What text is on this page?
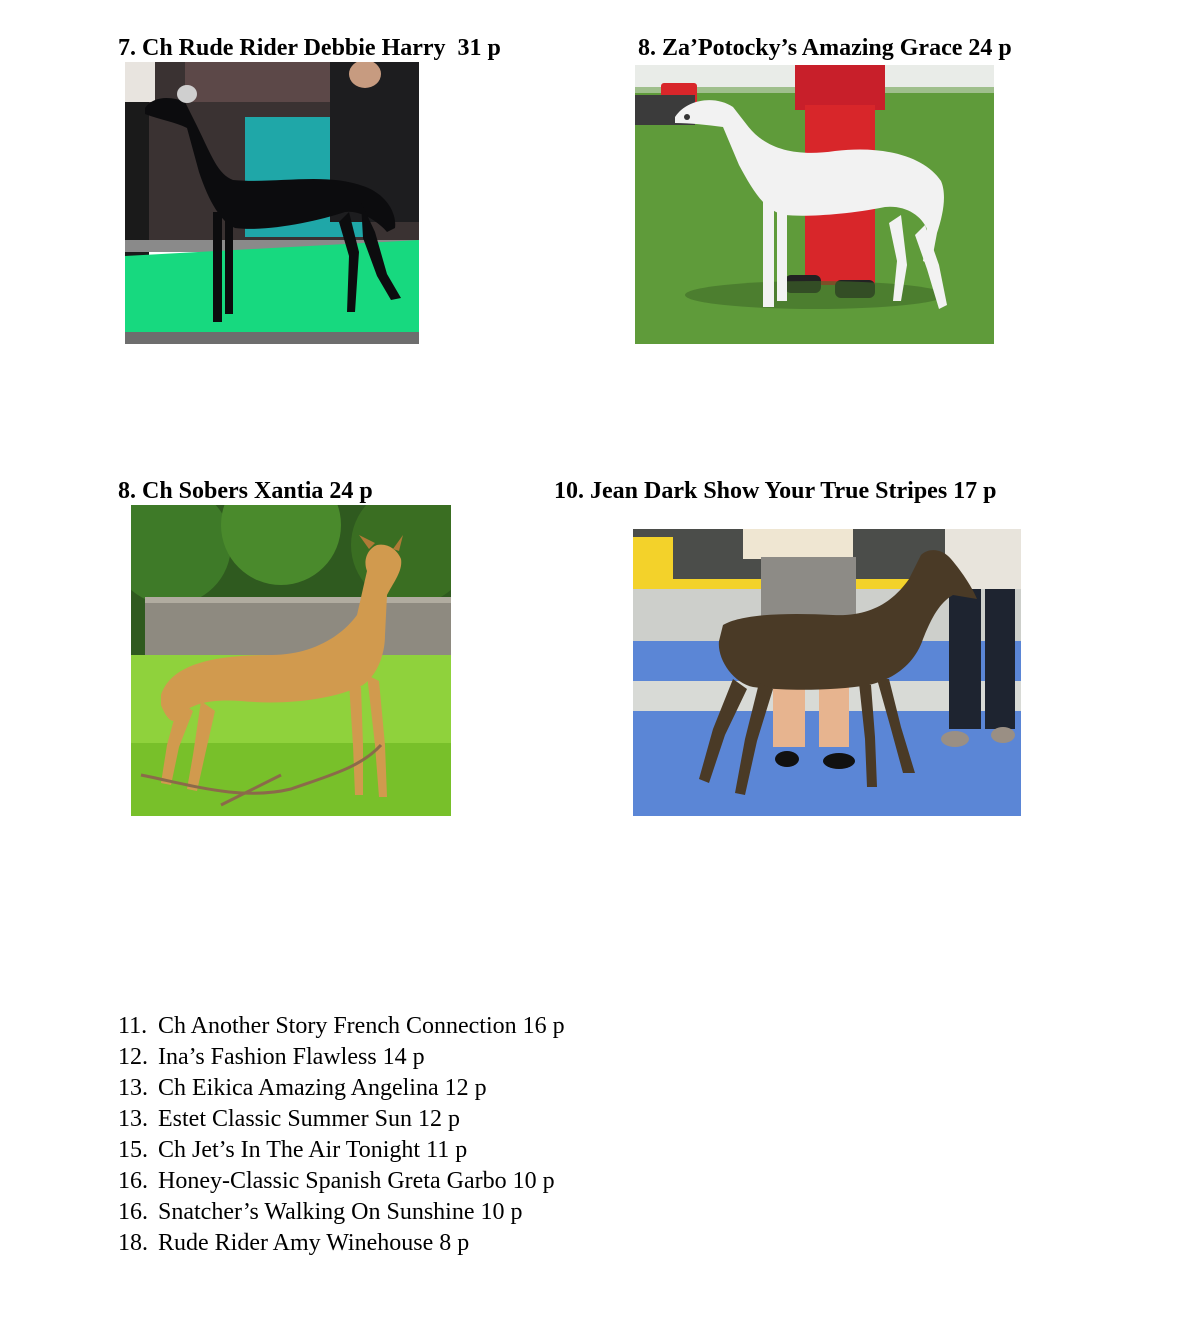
7. Ch Rude Rider Debbie Harry  31 p	8. Za’Potocky’s Amazing Grace 24 p
8. Ch Sobers Xantia 24 p	10. Jean Dark Show Your True Stripes 17 p
11. Ch Another Story French Connection 16 p
12. Ina’s Fashion Flawless 14 p
13. Ch Eikica Amazing Angelina 12 p
13. Estet Classic Summer Sun 12 p
15. Ch Jet’s In The Air Tonight 11 p
16. Honey-Classic Spanish Greta Garbo 10 p
16. Snatcher’s Walking On Sunshine 10 p
18. Rude Rider Amy Winehouse 8 p
